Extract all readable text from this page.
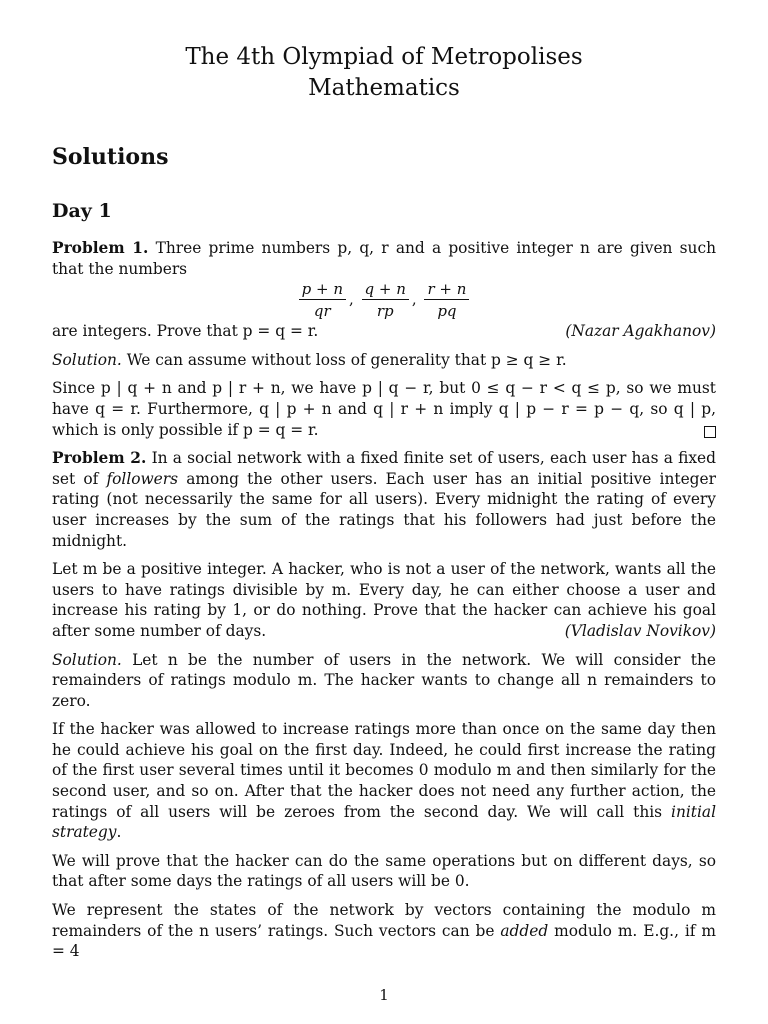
The 4th Olympiad of Metropolises
Mathematics
Solutions
Day 1

Problem 1. Three prime numbers p, q, r and a positive integer n are given such that the numbers

$\frac{p + n}{qr}$ , $\frac{q + n}{rp}$ , $\frac{r + n}{pq}$

(Nazar Agakhanov)
are integers. Prove that p = q = r.

Solution. We can assume without loss of generality that p ≥ q ≥ r.

Since p | q + n and p | r + n, we have p | q − r, but 0 ≤ q − r < q ≤ p, so we must have q = r. Furthermore, q | p + n and q | r + n imply q | p − r = p − q, so q | p, which is only possible if p = q = r.

Problem 2. In a social network with a fixed finite set of users, each user has a fixed set of followers among the other users. Each user has an initial positive integer rating (not necessarily the same for all users). Every midnight the rating of every user increases by the sum of the ratings that his followers had just before the midnight.

Let m be a positive integer. A hacker, who is not a user of the network, wants all the users to have ratings divisible by m. Every day, he can either choose a user and increase his rating by 1, or do nothing. Prove that the hacker can achieve his goal after some number of days.	(Vladislav Novikov)

Solution. Let n be the number of users in the network. We will consider the remainders of ratings modulo m. The hacker wants to change all n remainders to zero.

If the hacker was allowed to increase ratings more than once on the same day then he could achieve his goal on the first day. Indeed, he could first increase the rating of the first user several times until it becomes 0 modulo m and then similarly for the second user, and so on. After that the hacker does not need any further action, the ratings of all users will be zeroes from the second day. We will call this initial strategy.

We will prove that the hacker can do the same operations but on different days, so that after some days the ratings of all users will be 0.

We represent the states of the network by vectors containing the modulo m remainders of the n users’ ratings. Such vectors can be added modulo m. E.g., if m = 4

1
